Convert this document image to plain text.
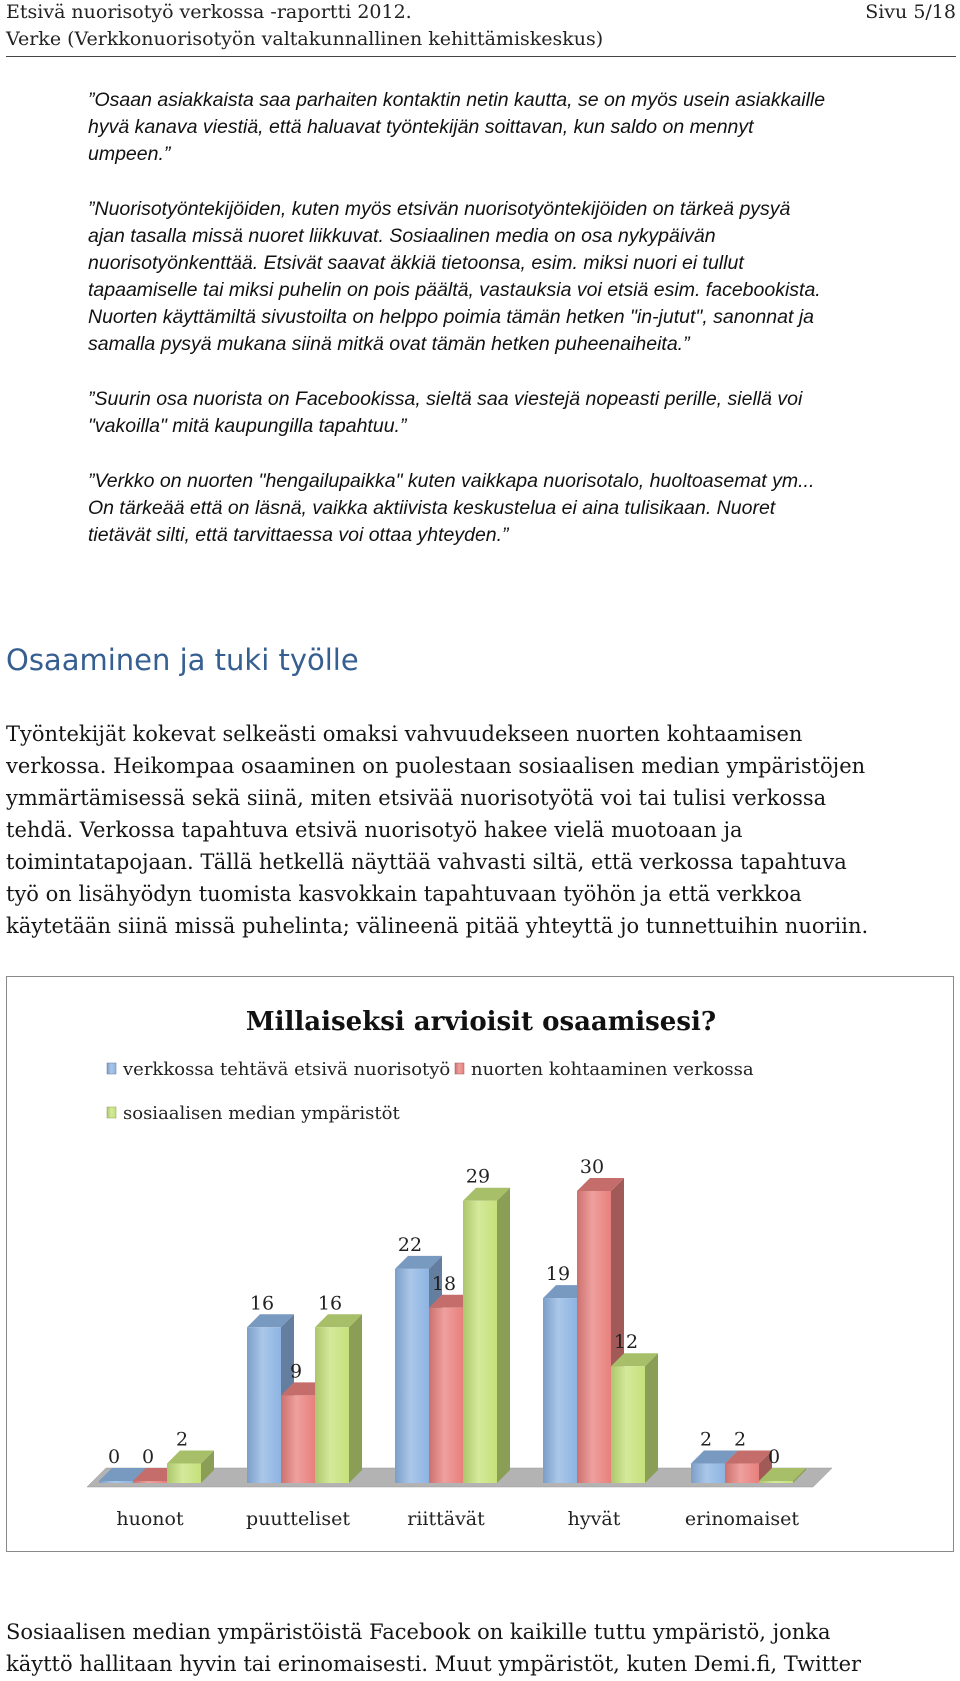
Etsivä nuorisotyö verkossa -raportti 2012.
Verke (Verkkonuorisotyön valtakunnallinen kehittämiskeskus)
Sivu 5/18

”Osaan asiakkaista saa parhaiten kontaktin netin kautta, se on myös usein asiakkaille
hyvä kanava viestiä, että haluavat työntekijän soittavan, kun saldo on mennyt
umpeen.”

”Nuorisotyöntekijöiden, kuten myös etsivän nuorisotyöntekijöiden on tärkeä pysyä
ajan tasalla missä nuoret liikkuvat. Sosiaalinen media on osa nykypäivän
nuorisotyönkenttää. Etsivät saavat äkkiä tietoonsa, esim. miksi nuori ei tullut
tapaamiselle tai miksi puhelin on pois päältä, vastauksia voi etsiä esim. facebookista.
Nuorten käyttämiltä sivustoilta on helppo poimia tämän hetken "in-jutut", sanonnat ja
samalla pysyä mukana siinä mitkä ovat tämän hetken puheenaiheita.”

”Suurin osa nuorista on Facebookissa, sieltä saa viestejä nopeasti perille, siellä voi
"vakoilla" mitä kaupungilla tapahtuu.”

”Verkko on nuorten "hengailupaikka" kuten vaikkapa nuorisotalo, huoltoasemat ym...
On tärkeää että on läsnä, vaikka aktiivista keskustelua ei aina tulisikaan. Nuoret
tietävät silti, että tarvittaessa voi ottaa yhteyden.”

Osaaminen ja tuki työlle
Työntekijät kokevat selkeästi omaksi vahvuudekseen nuorten kohtaamisen
verkossa. Heikompaa osaaminen on puolestaan sosiaalisen median ympäristöjen
ymmärtämisessä sekä siinä, miten etsivää nuorisotyötä voi tai tulisi verkossa
tehdä. Verkossa tapahtuva etsivä nuorisotyö hakee vielä muotoaan ja
toimintatapojaan. Tällä hetkellä näyttää vahvasti siltä, että verkossa tapahtuva
työ on lisähyödyn tuomista kasvokkain tapahtuvaan työhön ja että verkkoa
käytetään siinä missä puhelinta; välineenä pitää yhteyttä jo tunnettuihin nuoriin.
Millaiseksi arvioisit osaamisesi?
verkkossa tehtävä etsivä nuorisotyö nuorten kohtaaminen verkossa
sosiaalisen median ympäristöt
0 0
2
huonot
16
9
16
puutteliset
22
18
29
riittävät
19
30
12
hyvät
2 2
0
erinomaiset
Sosiaalisen median ympäristöistä Facebook on kaikille tuttu ympäristö, jonka
käyttö hallitaan hyvin tai erinomaisesti. Muut ympäristöt, kuten Demi.fi, Twitter
